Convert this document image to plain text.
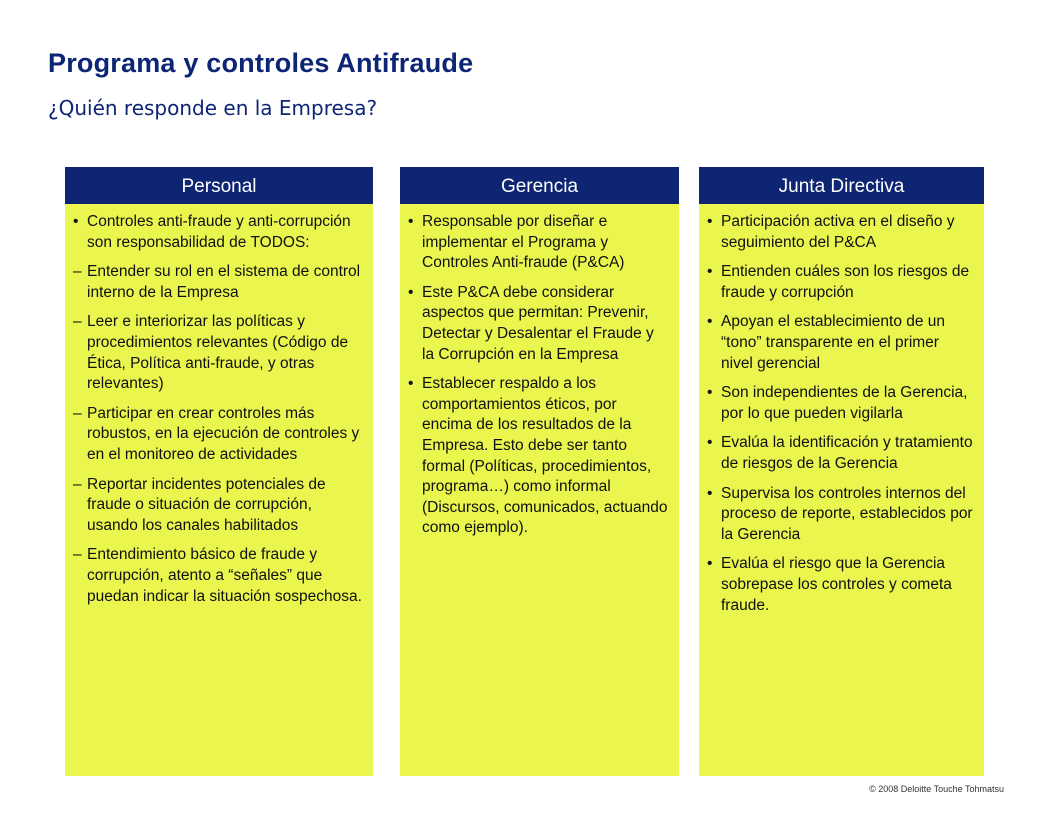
Programa y controles Antifraude
¿Quién responde en la Empresa?
Personal
• Controles anti-fraude y anti-corrupción son responsabilidad de TODOS:
– Entender su rol en el sistema de control interno de la Empresa
– Leer e interiorizar las políticas y procedimientos relevantes (Código de Ética, Política anti-fraude, y otras relevantes)
– Participar en crear controles más robustos, en la ejecución de controles y en el monitoreo de actividades
– Reportar incidentes potenciales de fraude o situación de corrupción, usando los canales habilitados
– Entendimiento básico de fraude y corrupción, atento a “señales” que puedan indicar la situación sospechosa.
Gerencia
• Responsable por diseñar e implementar el Programa y Controles Anti-fraude (P&CA)
• Este P&CA debe considerar aspectos que permitan: Prevenir, Detectar y Desalentar el Fraude y la Corrupción en la Empresa
• Establecer respaldo a los comportamientos éticos, por encima de los resultados de la Empresa. Esto debe ser tanto formal (Políticas, procedimientos, programa…) como informal (Discursos, comunicados, actuando como ejemplo).
Junta Directiva
• Participación activa en el diseño y seguimiento del P&CA
• Entienden cuáles son los riesgos de fraude y corrupción
• Apoyan el establecimiento de un “tono” transparente en el primer nivel gerencial
• Son independientes de la Gerencia, por lo que pueden vigilarla
• Evalúa la identificación y tratamiento de riesgos de la Gerencia
• Supervisa los controles internos del proceso de reporte, establecidos por la Gerencia
• Evalúa el riesgo que la Gerencia sobrepase los controles y cometa fraude.
© 2008 Deloitte Touche Tohmatsu
